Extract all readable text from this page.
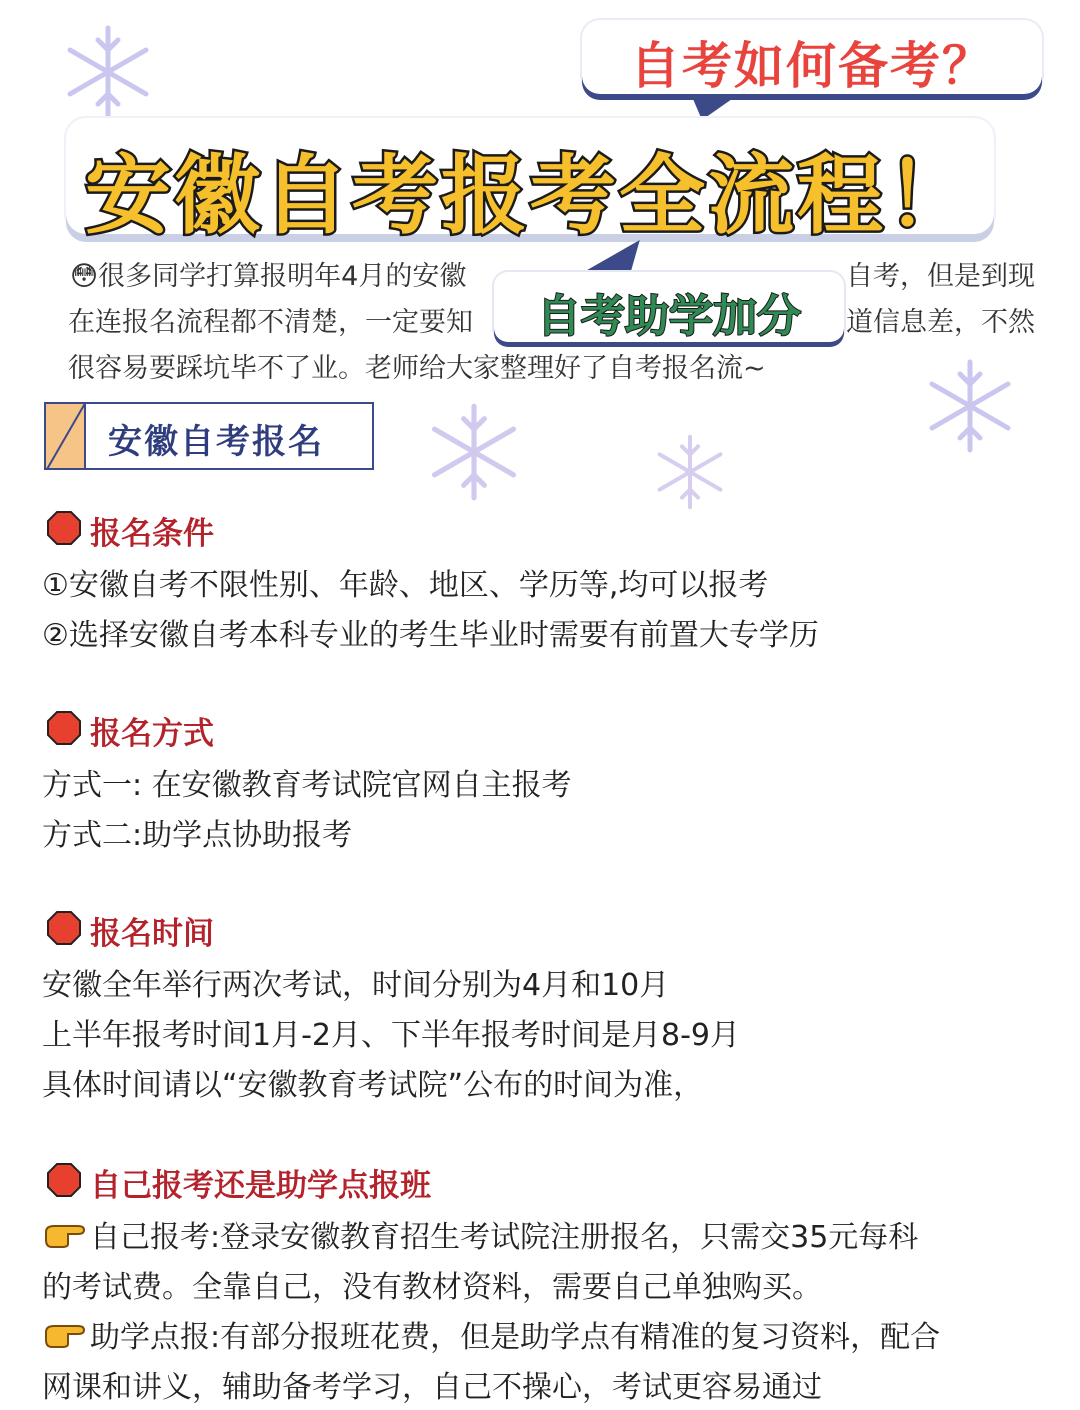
自考如何备考？
安徽自考报考全流程！
自考助学加分
😳很多同学打算报明年4月的安徽	自考，但是到现
在连报名流程都不清楚，一定要知	道信息差，不然
很容易要踩坑毕不了业。老师给大家整理好了自考报名流~
安徽自考报名
报名条件
①安徽自考不限性别、年龄、地区、学历等,均可以报考
②选择安徽自考本科专业的考生毕业时需要有前置大专学历
报名方式
方式一: 在安徽教育考试院官网自主报考
方式二:助学点协助报考
报名时间
安徽全年举行两次考试，时间分别为4月和10月
上半年报考时间1月-2月、下半年报考时间是月8-9月
具体时间请以“安徽教育考试院”公布的时间为准，
自己报考还是助学点报班
自己报考:登录安徽教育招生考试院注册报名，只需交35元每科
的考试费。全靠自己，没有教材资料，需要自己单独购买。
助学点报:有部分报班花费，但是助学点有精准的复习资料，配合
网课和讲义，辅助备考学习，自己不操心，考试更容易通过
